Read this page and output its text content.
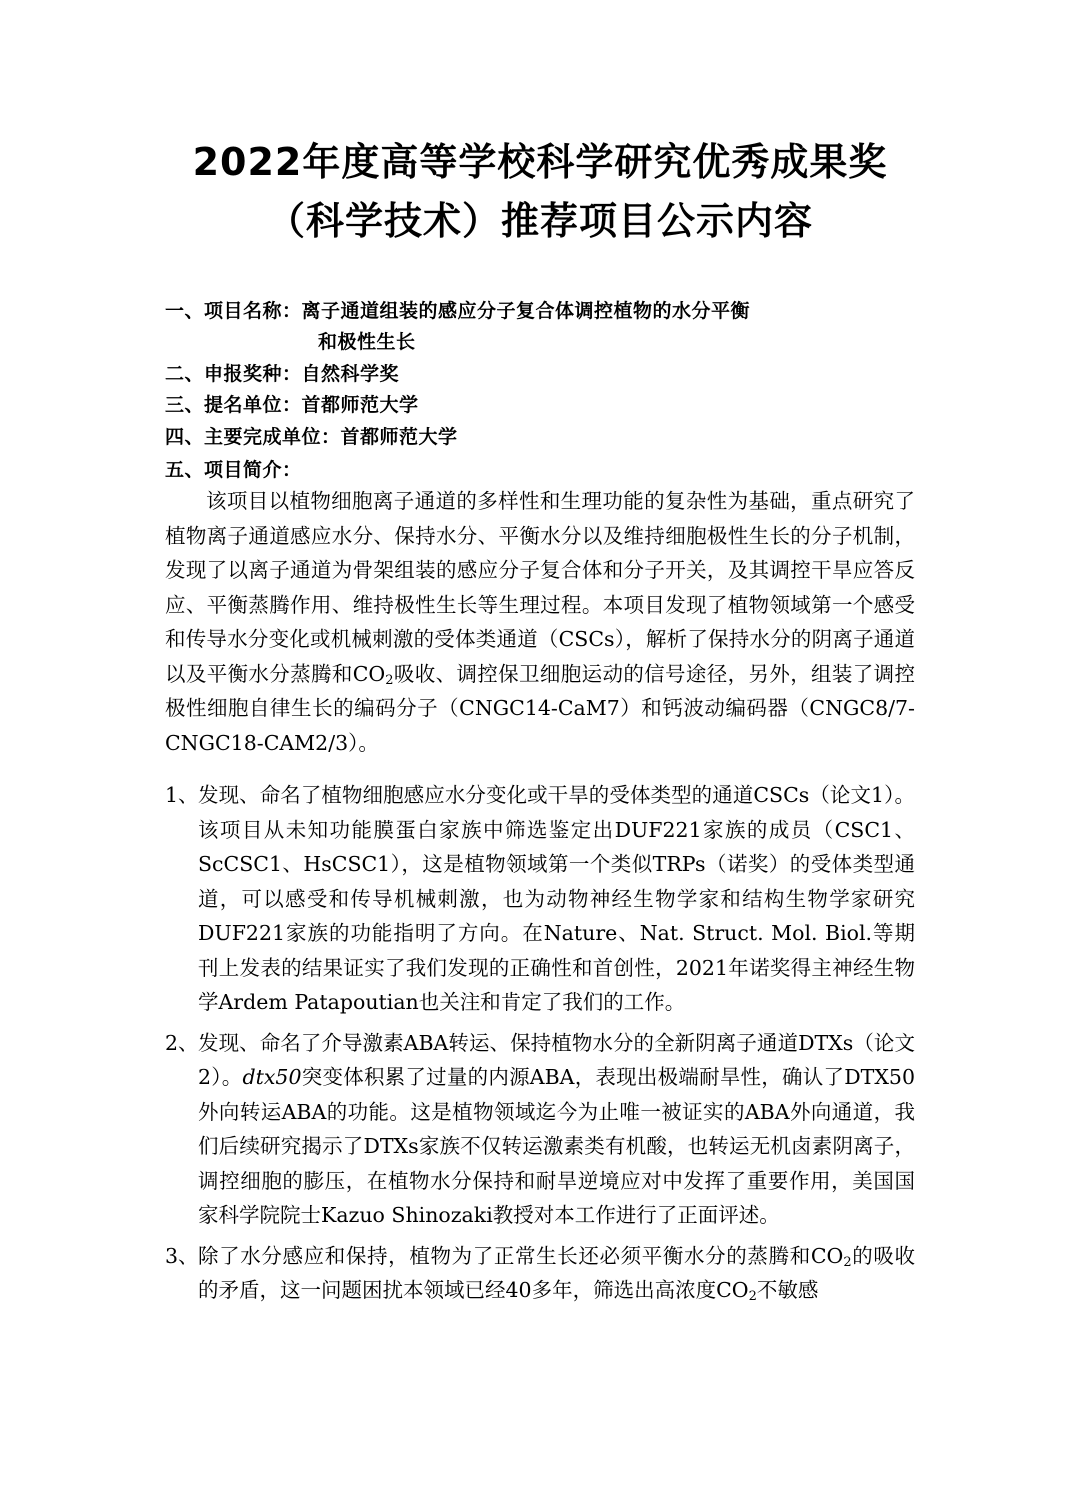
2022年度高等学校科学研究优秀成果奖
（科学技术）推荐项目公示内容
一、项目名称：离子通道组装的感应分子复合体调控植物的水分平衡
和极性生长
二、申报奖种：自然科学奖
三、提名单位：首都师范大学
四、主要完成单位：首都师范大学
五、项目简介：
该项目以植物细胞离子通道的多样性和生理功能的复杂性为基础，重点研究了植物离子通道感应水分、保持水分、平衡水分以及维持细胞极性生长的分子机制，发现了以离子通道为骨架组装的感应分子复合体和分子开关，及其调控干旱应答反应、平衡蒸腾作用、维持极性生长等生理过程。本项目发现了植物领域第一个感受和传导水分变化或机械刺激的受体类通道（CSCs），解析了保持水分的阴离子通道以及平衡水分蒸腾和$CO_2$吸收、调控保卫细胞运动的信号途径，另外，组装了调控极性细胞自律生长的编码分子（CNGC14-CaM7）和钙波动编码器（CNGC8/7-CNGC18-CAM2/3）。
1、 发现、命名了植物细胞感应水分变化或干旱的受体类型的通道CSCs（论文1）。该项目从未知功能膜蛋白家族中筛选鉴定出DUF221家族的成员（CSC1、 ScCSC1、HsCSC1），这是植物领域第一个类似TRPs（诺奖）的受体类型通道，可以感受和传导机械刺激，也为动物神经生物学家和结构生物学家研究DUF221家族的功能指明了方向。在Nature、Nat. Struct. Mol. Biol.等期刊上发表的结果证实了我们发现的正确性和首创性，2021年诺奖得主神经生物学Ardem Patapoutian也关注和肯定了我们的工作。
2、 发现、命名了介导激素ABA转运、保持植物水分的全新阴离子通道DTXs（论文2）。dtx50突变体积累了过量的内源ABA，表现出极端耐旱性，确认了DTX50外向转运ABA的功能。这是植物领域迄今为止唯一被证实的ABA外向通道，我们后续研究揭示了DTXs家族不仅转运激素类有机酸，也转运无机卤素阴离子，调控细胞的膨压，在植物水分保持和耐旱逆境应对中发挥了重要作用，美国国家科学院院士Kazuo Shinozaki教授对本工作进行了正面评述。
3、 除了水分感应和保持，植物为了正常生长还必须平衡水分的蒸腾和$CO_2$的吸收的矛盾，这一问题困扰本领域已经40多年，筛选出高浓度$CO_2$不敏感
